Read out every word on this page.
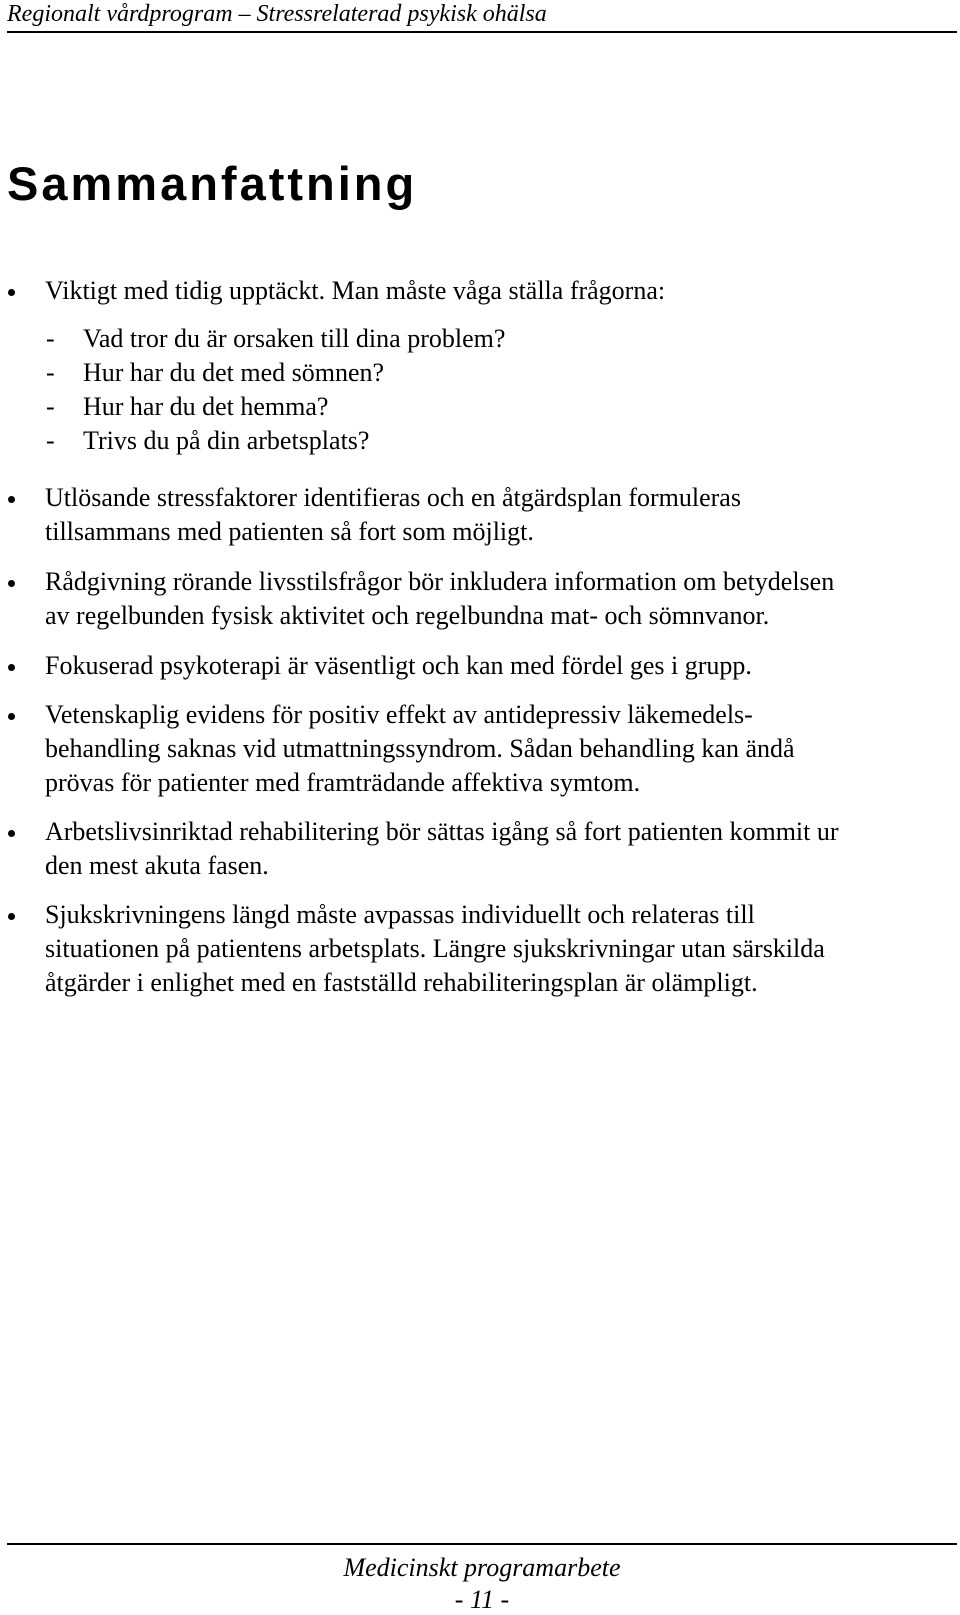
Regionalt vårdprogram – Stressrelaterad psykisk ohälsa
Sammanfattning
Viktigt med tidig upptäckt. Man måste våga ställa frågorna:
- Vad tror du är orsaken till dina problem?
- Hur har du det med sömnen?
- Hur har du det hemma?
- Trivs du på din arbetsplats?
Utlösande stressfaktorer identifieras och en åtgärdsplan formuleras
tillsammans med patienten så fort som möjligt.
Rådgivning rörande livsstilsfrågor bör inkludera information om betydelsen
av regelbunden fysisk aktivitet och regelbundna mat- och sömnvanor.
Fokuserad psykoterapi är väsentligt och kan med fördel ges i grupp.
Vetenskaplig evidens för positiv effekt av antidepressiv läkemedels-
behandling saknas vid utmattningssyndrom. Sådan behandling kan ändå
prövas för patienter med framträdande affektiva symtom.
Arbetslivsinriktad rehabilitering bör sättas igång så fort patienten kommit ur
den mest akuta fasen.
Sjukskrivningens längd måste avpassas individuellt och relateras till
situationen på patientens arbetsplats. Längre sjukskrivningar utan särskilda
åtgärder i enlighet med en fastställd rehabiliteringsplan är olämpligt.
Medicinskt programarbete
- 11 -
